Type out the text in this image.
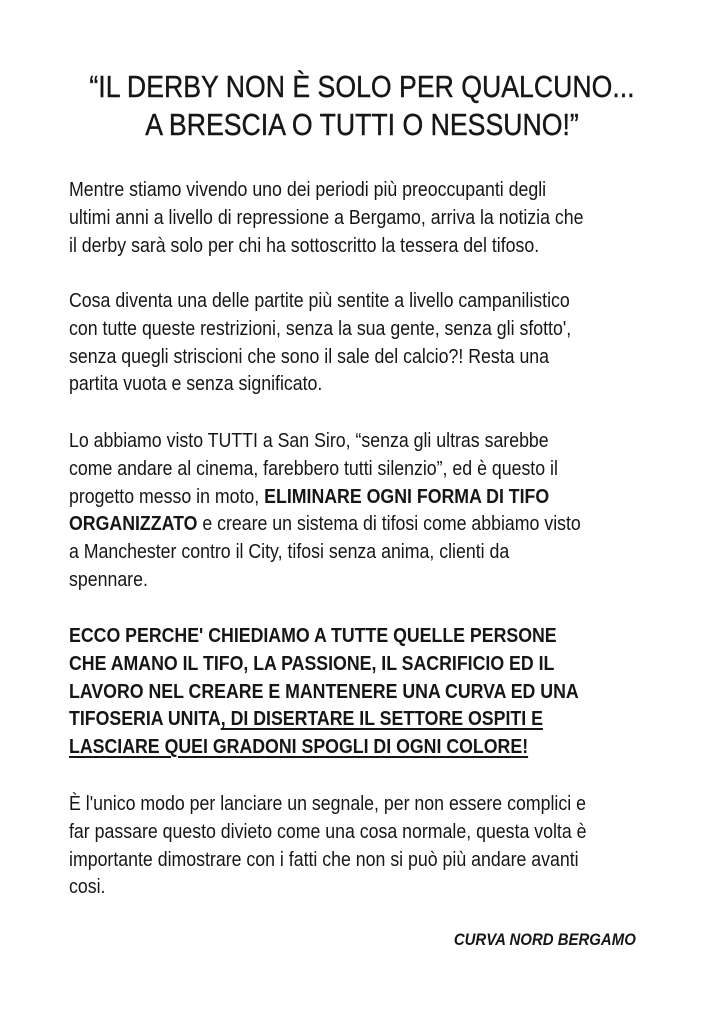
“IL DERBY NON È SOLO PER QUALCUNO...
A BRESCIA O TUTTI O NESSUNO!”
Mentre stiamo vivendo uno dei periodi più preoccupanti degli
ultimi anni a livello di repressione a Bergamo, arriva la notizia che
il derby sarà solo per chi ha sottoscritto la tessera del tifoso.
Cosa diventa una delle partite più sentite a livello campanilistico
con tutte queste restrizioni, senza la sua gente, senza gli sfotto',
senza quegli striscioni che sono il sale del calcio?! Resta una
partita vuota e senza significato.
Lo abbiamo visto TUTTI a San Siro, “senza gli ultras sarebbe
come andare al cinema, farebbero tutti silenzio”, ed è questo il
progetto messo in moto, ELIMINARE OGNI FORMA DI TIFO
ORGANIZZATO e creare un sistema di tifosi come abbiamo visto
a Manchester contro il City, tifosi senza anima, clienti da
spennare.
ECCO PERCHE' CHIEDIAMO A TUTTE QUELLE PERSONE
CHE AMANO IL TIFO, LA PASSIONE, IL SACRIFICIO ED IL
LAVORO NEL CREARE E MANTENERE UNA CURVA ED UNA
TIFOSERIA UNITA, DI DISERTARE IL SETTORE OSPITI E
LASCIARE QUEI GRADONI SPOGLI DI OGNI COLORE!
È l'unico modo per lanciare un segnale, per non essere complici e
far passare questo divieto come una cosa normale, questa volta è
importante dimostrare con i fatti che non si può più andare avanti
cosi.
CURVA NORD BERGAMO
